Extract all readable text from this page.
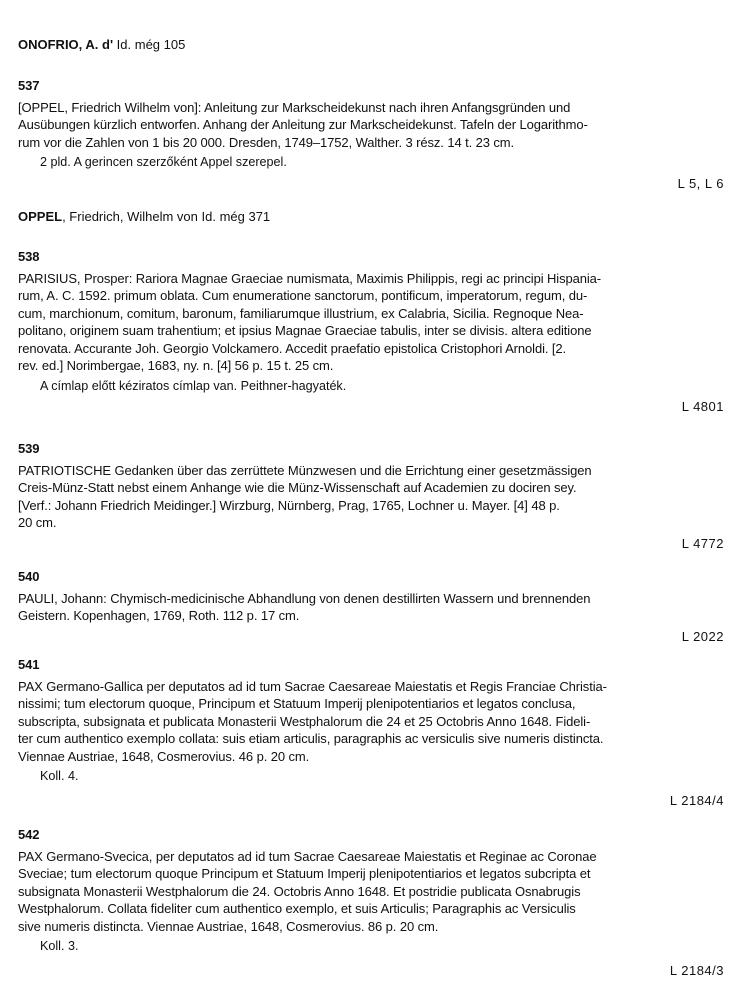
ONOFRIO, A. d' Id. még 105
537
[OPPEL, Friedrich Wilhelm von]: Anleitung zur Markscheidekunst nach ihren Anfangsgründen und
Ausübungen kürzlich entworfen. Anhang der Anleitung zur Markscheidekunst. Tafeln der Logarithmo-
rum vor die Zahlen von 1 bis 20 000. Dresden, 1749–1752, Walther. 3 rész. 14 t. 23 cm.
2 pld. A gerincen szerzőként Appel szerepel.
L 5, L 6
OPPEL, Friedrich, Wilhelm von Id. még 371
538
PARISIUS, Prosper: Rariora Magnae Graeciae numismata, Maximis Philippis, regi ac principi Hispania-
rum, A. C. 1592. primum oblata. Cum enumeratione sanctorum, pontificum, imperatorum, regum, du-
cum, marchionum, comitum, baronum, familiarumque illustrium, ex Calabria, Sicilia. Regnoque Nea-
politano, originem suam trahentium; et ipsius Magnae Graeciae tabulis, inter se divisis. altera editione
renovata. Accurante Joh. Georgio Volckamero. Accedit praefatio epistolica Cristophori Arnoldi. [2.
rev. ed.] Norimbergae, 1683, ny. n. [4] 56 p. 15 t. 25 cm.
A címlap előtt kéziratos címlap van. Peithner-hagyaték.
L 4801
539
PATRIOTISCHE Gedanken über das zerrüttete Münzwesen und die Errichtung einer gesetzmässigen
Creis-Münz-Statt nebst einem Anhange wie die Münz-Wissenschaft auf Academien zu dociren sey.
[Verf.: Johann Friedrich Meidinger.] Wirzburg, Nürnberg, Prag, 1765, Lochner u. Mayer. [4] 48 p.
20 cm.
L 4772
540
PAULI, Johann: Chymisch-medicinische Abhandlung von denen destillirten Wassern und brennenden
Geistern. Kopenhagen, 1769, Roth. 112 p. 17 cm.
L 2022
541
PAX Germano-Gallica per deputatos ad id tum Sacrae Caesareae Maiestatis et Regis Franciae Christia-
nissimi; tum electorum quoque, Principum et Statuum Imperij plenipotentiarios et legatos conclusa,
subscripta, subsignata et publicata Monasterii Westphalorum die 24 et 25 Octobris Anno 1648. Fideli-
ter cum authentico exemplo collata: suis etiam articulis, paragraphis ac versiculis sive numeris distincta.
Viennae Austriae, 1648, Cosmerovius. 46 p. 20 cm.
Koll. 4.
L 2184/4
542
PAX Germano-Svecica, per deputatos ad id tum Sacrae Caesareae Maiestatis et Reginae ac Coronae
Sveciae; tum electorum quoque Principum et Statuum Imperij plenipotentiarios et legatos subcripta et
subsignata Monasterii Westphalorum die 24. Octobris Anno 1648. Et postridie publicata Osnabrugis
Westphalorum. Collata fideliter cum authentico exemplo, et suis Articulis; Paragraphis ac Versiculis
sive numeris distincta. Viennae Austriae, 1648, Cosmerovius. 86 p. 20 cm.
Koll. 3.
L 2184/3
